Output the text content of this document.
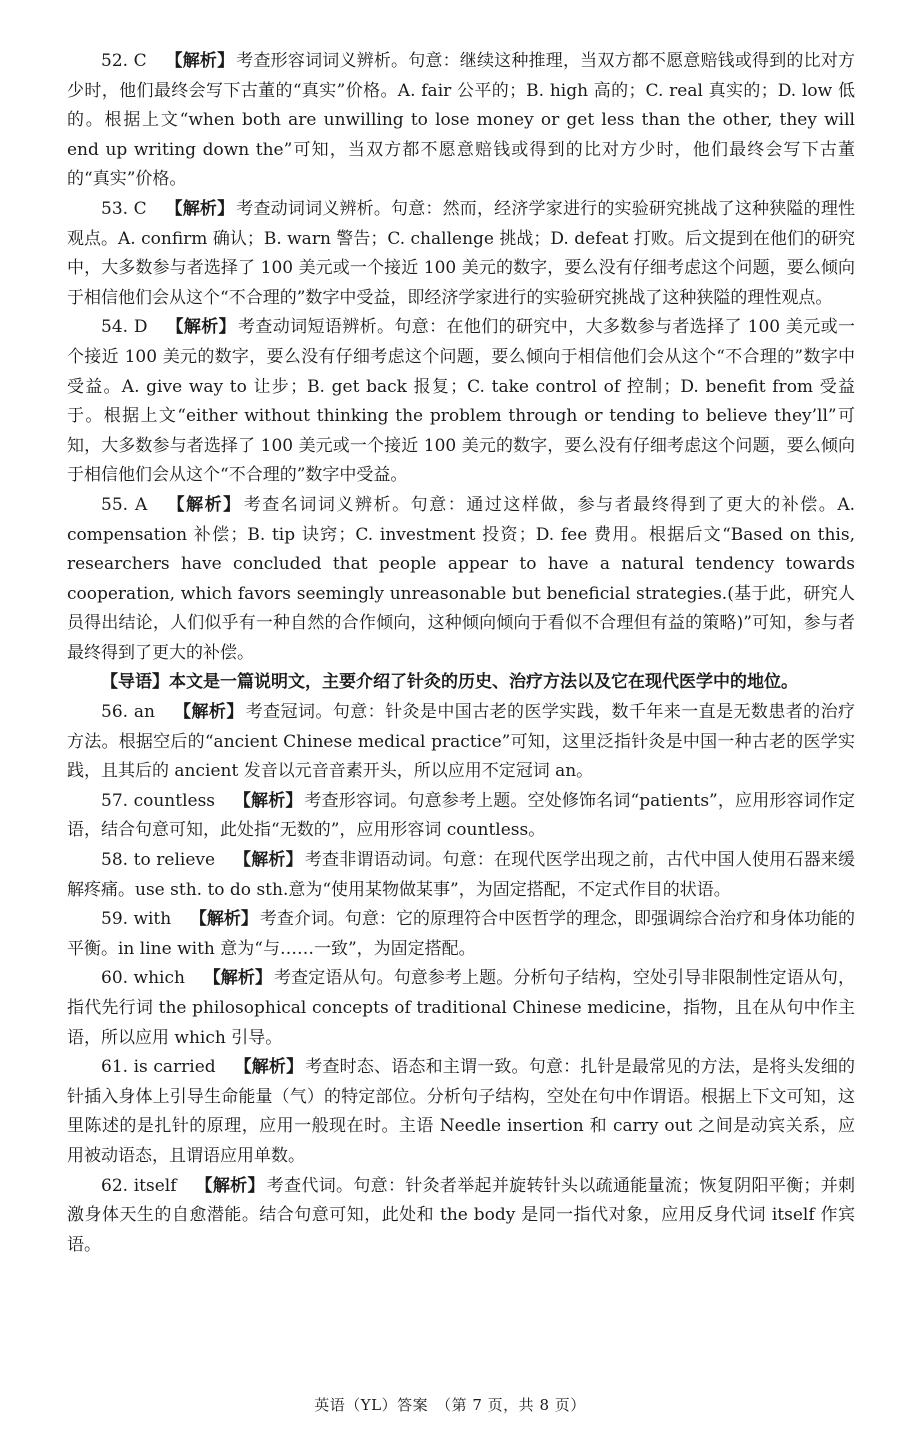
52. C 【解析】 考查形容词词义辨析。句意：继续这种推理，当双方都不愿意赔钱或得到的比对方少时，他们最终会写下古董的“真实”价格。A. fair 公平的；B. high 高的；C. real 真实的；D. low 低的。根据上文“when both are unwilling to lose money or get less than the other, they will end up writing down the”可知，当双方都不愿意赔钱或得到的比对方少时，他们最终会写下古董的“真实”价格。

53. C 【解析】 考查动词词义辨析。句意：然而，经济学家进行的实验研究挑战了这种狭隘的理性观点。A. confirm 确认；B. warn 警告；C. challenge 挑战；D. defeat 打败。后文提到在他们的研究中，大多数参与者选择了 100 美元或一个接近 100 美元的数字，要么没有仔细考虑这个问题，要么倾向于相信他们会从这个“不合理的”数字中受益，即经济学家进行的实验研究挑战了这种狭隘的理性观点。

54. D 【解析】 考查动词短语辨析。句意：在他们的研究中，大多数参与者选择了 100 美元或一个接近 100 美元的数字，要么没有仔细考虑这个问题，要么倾向于相信他们会从这个“不合理的”数字中受益。A. give way to 让步；B. get back 报复；C. take control of 控制；D. benefit from 受益于。根据上文“either without thinking the problem through or tending to believe they’ll”可知，大多数参与者选择了 100 美元或一个接近 100 美元的数字，要么没有仔细考虑这个问题，要么倾向于相信他们会从这个“不合理的”数字中受益。

55. A 【解析】 考查名词词义辨析。句意：通过这样做，参与者最终得到了更大的补偿。A. compensation 补偿；B. tip 诀窍；C. investment 投资；D. fee 费用。根据后文“Based on this, researchers have concluded that people appear to have a natural tendency towards cooperation, which favors seemingly unreasonable but beneficial strategies.(基于此，研究人员得出结论，人们似乎有一种自然的合作倾向，这种倾向倾向于看似不合理但有益的策略)”可知，参与者最终得到了更大的补偿。

【导语】本文是一篇说明文，主要介绍了针灸的历史、治疗方法以及它在现代医学中的地位。

56. an 【解析】 考查冠词。句意：针灸是中国古老的医学实践，数千年来一直是无数患者的治疗方法。根据空后的“ancient Chinese medical practice”可知，这里泛指针灸是中国一种古老的医学实践，且其后的 ancient 发音以元音音素开头，所以应用不定冠词 an。

57. countless 【解析】 考查形容词。句意参考上题。空处修饰名词“patients”，应用形容词作定语，结合句意可知，此处指“无数的”，应用形容词 countless。

58. to relieve 【解析】 考查非谓语动词。句意：在现代医学出现之前，古代中国人使用石器来缓解疼痛。use sth. to do sth.意为“使用某物做某事”，为固定搭配，不定式作目的状语。

59. with 【解析】 考查介词。句意：它的原理符合中医哲学的理念，即强调综合治疗和身体功能的平衡。in line with 意为“与……一致”，为固定搭配。

60. which 【解析】 考查定语从句。句意参考上题。分析句子结构，空处引导非限制性定语从句，指代先行词 the philosophical concepts of traditional Chinese medicine，指物，且在从句中作主语，所以应用 which 引导。

61. is carried 【解析】 考查时态、语态和主谓一致。句意：扎针是最常见的方法，是将头发细的针插入身体上引导生命能量（气）的特定部位。分析句子结构，空处在句中作谓语。根据上下文可知，这里陈述的是扎针的原理，应用一般现在时。主语 Needle insertion 和 carry out 之间是动宾关系，应用被动语态，且谓语应用单数。

62. itself 【解析】 考查代词。句意：针灸者举起并旋转针头以疏通能量流；恢复阴阳平衡；并刺激身体天生的自愈潜能。结合句意可知，此处和 the body 是同一指代对象，应用反身代词 itself 作宾语。

英语（YL）答案　（第 7 页，共 8 页）
